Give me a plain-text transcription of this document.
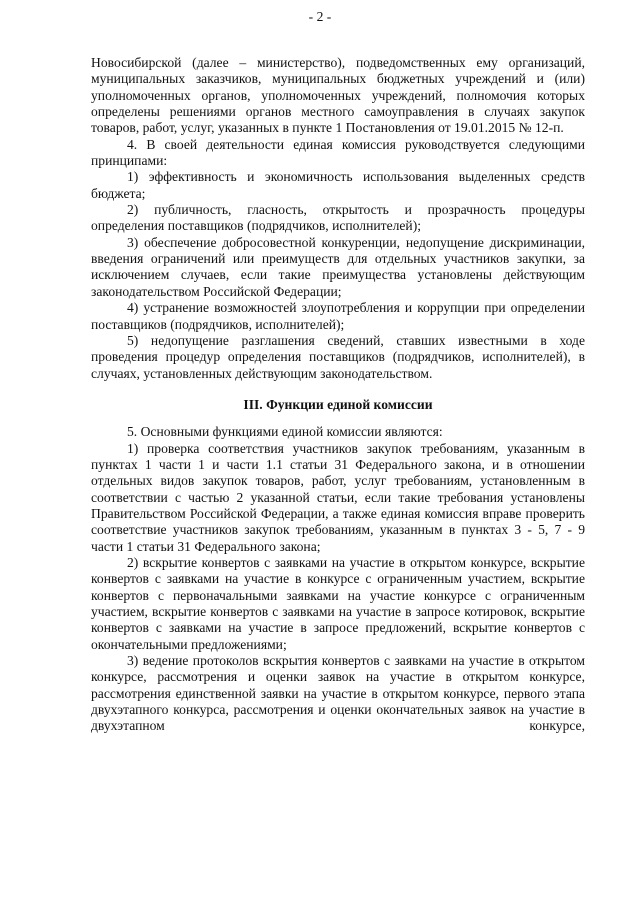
- 2 -

Новосибирской (далее – министерство), подведомственных ему организаций, муниципальных заказчиков, муниципальных бюджетных учреждений и (или) уполномоченных органов, уполномоченных учреждений, полномочия которых определены решениями органов местного самоуправления в случаях закупок товаров, работ, услуг, указанных в пункте 1 Постановления от 19.01.2015 № 12-п.

4. В своей деятельности единая комиссия руководствуется следующими принципами:

1) эффективность и экономичность использования выделенных средств бюджета;

2) публичность, гласность, открытость и прозрачность процедуры определения поставщиков (подрядчиков, исполнителей);

3) обеспечение добросовестной конкуренции, недопущение дискриминации, введения ограничений или преимуществ для отдельных участников закупки, за исключением случаев, если такие преимущества установлены действующим законодательством Российской Федерации;

4) устранение возможностей злоупотребления и коррупции при определении поставщиков (подрядчиков, исполнителей);

5) недопущение разглашения сведений, ставших известными в ходе проведения процедур определения поставщиков (подрядчиков, исполнителей), в случаях, установленных действующим законодательством.

III. Функции единой комиссии

5. Основными функциями единой комиссии являются:

1) проверка соответствия участников закупок требованиям, указанным в пунктах 1 части 1 и части 1.1 статьи 31 Федерального закона, и в отношении отдельных видов закупок товаров, работ, услуг требованиям, установленным в соответствии с частью 2 указанной статьи, если такие требования установлены Правительством Российской Федерации, а также единая комиссия вправе проверить соответствие участников закупок требованиям, указанным в пунктах 3 - 5, 7 - 9 части 1 статьи 31 Федерального закона;

2) вскрытие конвертов с заявками на участие в открытом конкурсе, вскрытие конвертов с заявками на участие в конкурсе с ограниченным участием, вскрытие конвертов с первоначальными заявками на участие конкурсе с ограниченным участием, вскрытие конвертов с заявками на участие в запросе котировок, вскрытие конвертов с заявками на участие в запросе предложений, вскрытие конвертов с окончательными предложениями;

3) ведение протоколов вскрытия конвертов с заявками на участие в открытом конкурсе, рассмотрения и оценки заявок на участие в открытом конкурсе, рассмотрения единственной заявки на участие в открытом конкурсе, первого этапа двухэтапного конкурса, рассмотрения и оценки окончательных заявок на участие в двухэтапном конкурсе,
